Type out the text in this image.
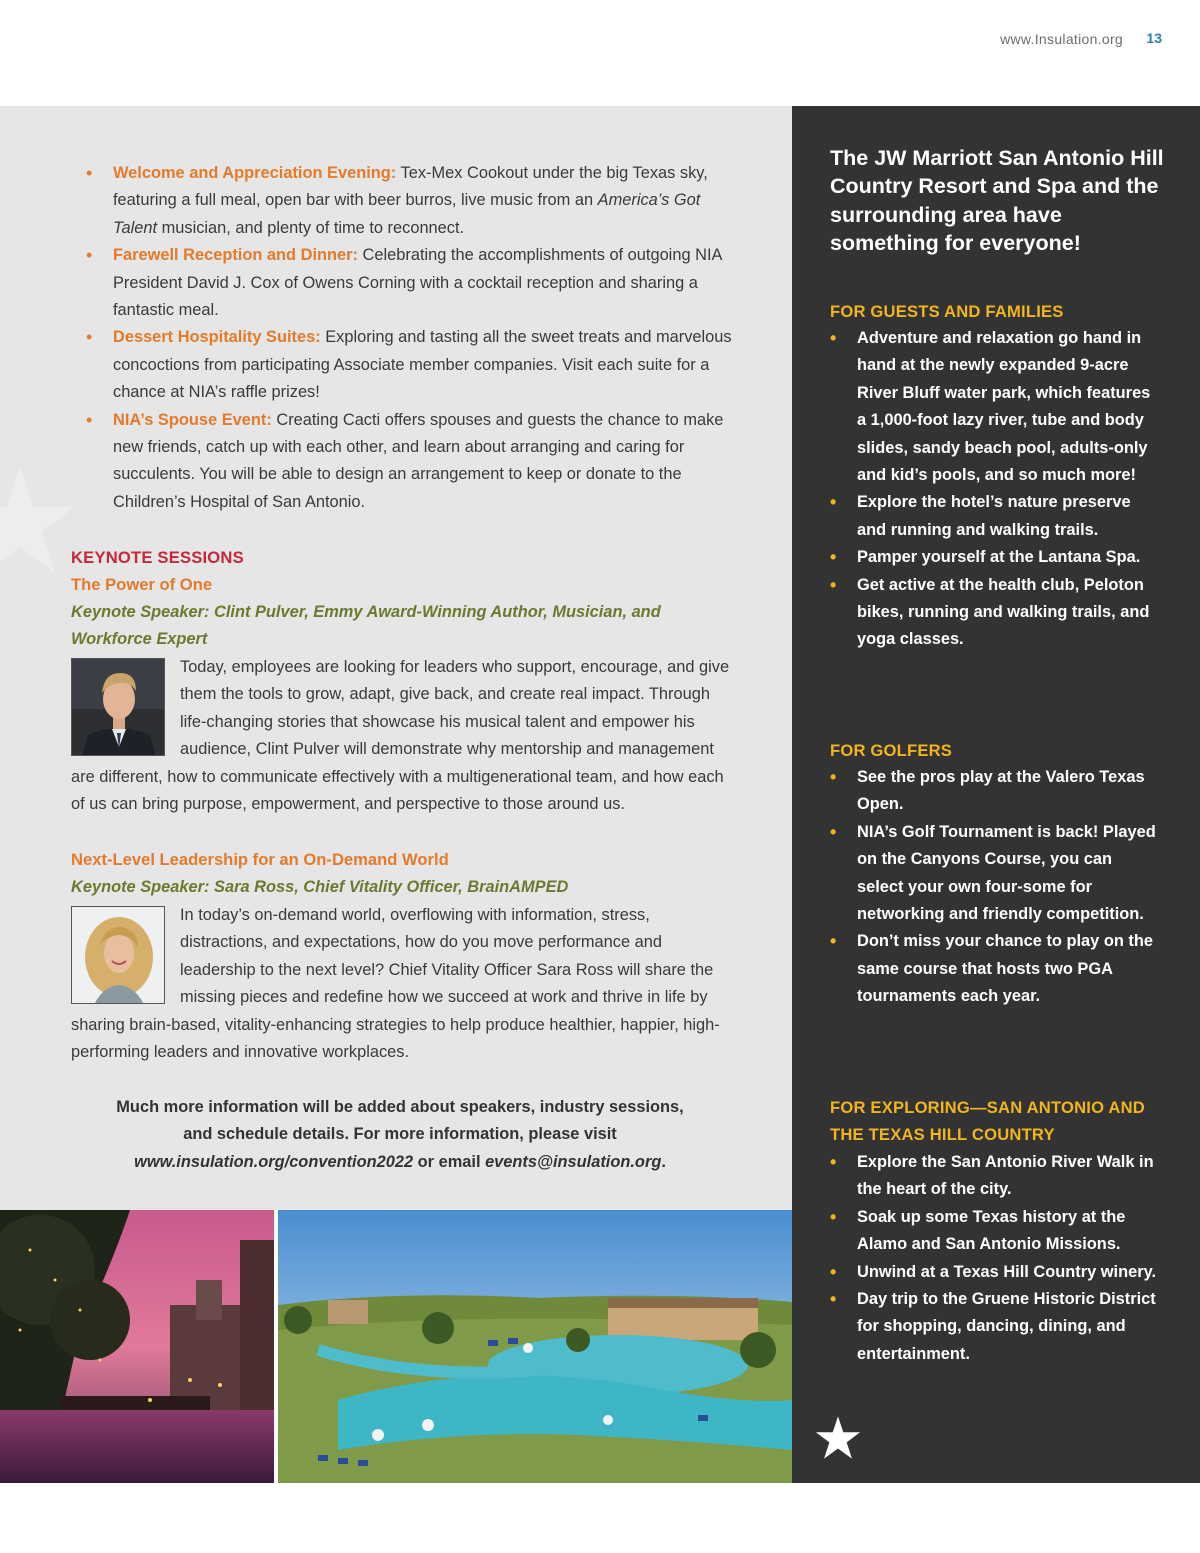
www.Insulation.org 13
• Welcome and Appreciation Evening: Tex-Mex Cookout under the big Texas sky, featuring a full meal, open bar with beer burros, live music from an America’s Got Talent musician, and plenty of time to reconnect.
• Farewell Reception and Dinner: Celebrating the accomplishments of outgoing NIA President David J. Cox of Owens Corning with a cocktail reception and sharing a fantastic meal.
• Dessert Hospitality Suites: Exploring and tasting all the sweet treats and marvelous concoctions from participating Associate member companies. Visit each suite for a chance at NIA’s raffle prizes!
• NIA’s Spouse Event: Creating Cacti offers spouses and guests the chance to make new friends, catch up with each other, and learn about arranging and caring for succulents. You will be able to design an arrangement to keep or donate to the Children’s Hospital of San Antonio.
KEYNOTE SESSIONS
The Power of One
Keynote Speaker: Clint Pulver, Emmy Award-Winning Author, Musician, and Workforce Expert
Today, employees are looking for leaders who support, encourage, and give them the tools to grow, adapt, give back, and create real impact. Through life-changing stories that showcase his musical talent and empower his audience, Clint Pulver will demonstrate why mentorship and management are different, how to communicate effectively with a multigenerational team, and how each of us can bring purpose, empowerment, and perspective to those around us.
Next-Level Leadership for an On-Demand World
Keynote Speaker: Sara Ross, Chief Vitality Officer, BrainAMPED
In today’s on-demand world, overflowing with information, stress, distractions, and expectations, how do you move performance and leadership to the next level? Chief Vitality Officer Sara Ross will share the missing pieces and redefine how we succeed at work and thrive in life by sharing brain-based, vitality-enhancing strategies to help produce healthier, happier, high-performing leaders and innovative workplaces.
Much more information will be added about speakers, industry sessions,
and schedule details. For more information, please visit
www.insulation.org/convention2022 or email events@insulation.org.

The JW Marriott San Antonio Hill Country Resort and Spa and the surrounding area have something for everyone!

FOR GUESTS AND FAMILIES
• Adventure and relaxation go hand in hand at the newly expanded 9-acre River Bluff water park, which features a 1,000-foot lazy river, tube and body slides, sandy beach pool, adults-only and kid’s pools, and so much more!
• Explore the hotel’s nature preserve and running and walking trails.
• Pamper yourself at the Lantana Spa.
• Get active at the health club, Peloton bikes, running and walking trails, and yoga classes.
FOR GOLFERS
• See the pros play at the Valero Texas Open.
• NIA’s Golf Tournament is back! Played on the Canyons Course, you can select your own four-some for networking and friendly competition.
• Don’t miss your chance to play on the same course that hosts two PGA tournaments each year.
FOR EXPLORING—SAN ANTONIO AND THE TEXAS HILL COUNTRY
• Explore the San Antonio River Walk in the heart of the city.
• Soak up some Texas history at the Alamo and San Antonio Missions.
• Unwind at a Texas Hill Country winery.
• Day trip to the Gruene Historic District for shopping, dancing, dining, and entertainment.
